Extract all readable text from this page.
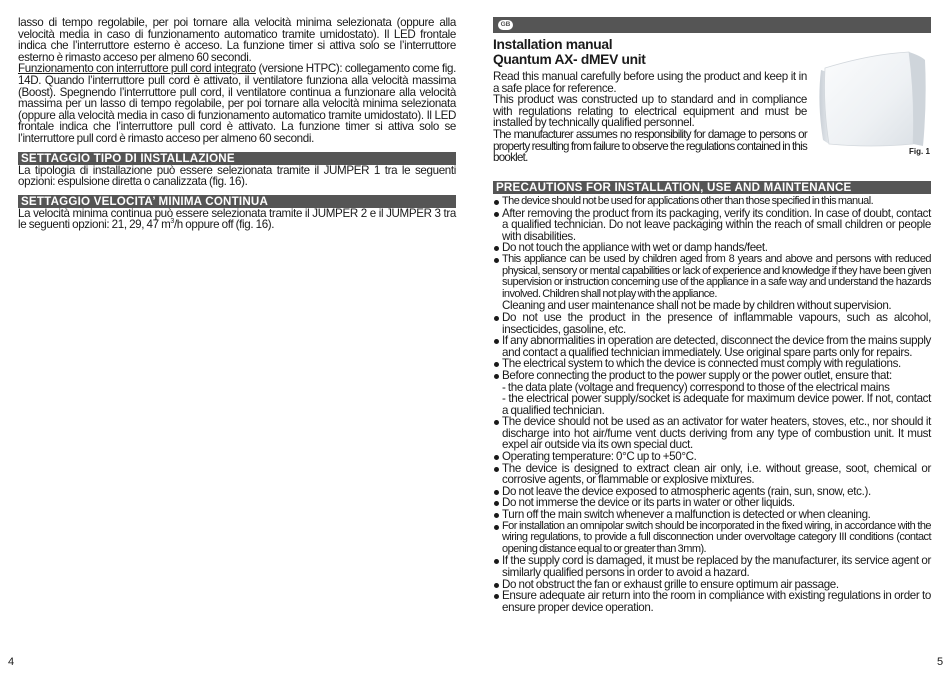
lasso di tempo regolabile, per poi tornare alla velocità minima selezionata (oppure alla velocità media in caso di funzionamento automatico tramite umidostato). Il LED frontale indica che l’interruttore esterno è acceso. La funzione timer si attiva solo se l’interruttore esterno è rimasto acceso per almeno 60 secondi.

Funzionamento con interruttore pull cord integrato (versione HTPC): collegamento come fig. 14D. Quando l’interruttore pull cord è attivato, il ventilatore funziona alla velocità massima (Boost). Spegnendo l’interruttore pull cord, il ventilatore continua a funzionare alla velocità massima per un lasso di tempo regolabile, per poi tornare alla velocità minima selezionata (oppure alla velocità media in caso di funzionamento automatico tramite umidostato). Il LED frontale indica che l’interruttore pull cord è attivato. La funzione timer si attiva solo se l’interruttore pull cord è rimasto acceso per almeno 60 secondi.

SETTAGGIO TIPO DI INSTALLAZIONE

La tipologia di installazione può essere selezionata tramite il JUMPER 1 tra le seguenti opzioni: espulsione diretta o canalizzata (fig. 16).

SETTAGGIO VELOCITA’ MINIMA CONTINUA

La velocità minima continua può essere selezionata tramite il JUMPER 2 e il JUMPER 3 tra le seguenti opzioni: 21, 29, 47 $m^3/h$ oppure off (fig. 16).

4
GB
Installation manual
Quantum AX- dMEV unit

Read this manual carefully before using the product and keep it in a safe place for reference.

This product was constructed up to standard and in compliance with regulations relating to electrical equipment and must be installed by technically qualified personnel.

The manufacturer assumes no responsibility for damage to persons or property resulting from failure to observe the regulations contained in this booklet.	Fig. 1
PRECAUTIONS FOR INSTALLATION, USE AND MAINTENANCE
The device should not be used for applications other than those specified in this manual.
After removing the product from its packaging, verify its condition. In case of doubt, contact a qualified technician. Do not leave packaging within the reach of small children or people with disabilities.
Do not touch the appliance with wet or damp hands/feet.
This appliance can be used by children aged from 8 years and above and persons with reduced physical, sensory or mental capabilities or lack of experience and knowledge if they have been given supervision or instruction concerning use of the appliance in a safe way and understand the hazards involved. Children shall not play with the appliance.
Cleaning and user maintenance shall not be made by children without supervision.
Do not use the product in the presence of inflammable vapours, such as alcohol, insecticides, gasoline, etc.
If any abnormalities in operation are detected, disconnect the device from the mains supply and contact a qualified technician immediately. Use original spare parts only for repairs.
The electrical system to which the device is connected must comply with regulations.
Before connecting the product to the power supply or the power outlet, ensure that:
- the data plate (voltage and frequency) correspond to those of the electrical mains
- the electrical power supply/socket is adequate for maximum device power. If not, contact a qualified technician.
The device should not be used as an activator for water heaters, stoves, etc., nor should it discharge into hot air/fume vent ducts deriving from any type of combustion unit. It must expel air outside via its own special duct.
Operating temperature: 0°C up to +50°C.
The device is designed to extract clean air only, i.e. without grease, soot, chemical or corrosive agents, or flammable or explosive mixtures.
Do not leave the device exposed to atmospheric agents (rain, sun, snow, etc.).
Do not immerse the device or its parts in water or other liquids.
Turn off the main switch whenever a malfunction is detected or when cleaning.
For installation an omnipolar switch should be incorporated in the fixed wiring, in accordance with the wiring regulations, to provide a full disconnection under overvoltage category III conditions (contact opening distance equal to or greater than 3mm).
If the supply cord is damaged, it must be replaced by the manufacturer, its service agent or similarly qualified persons in order to avoid a hazard.
Do not obstruct the fan or exhaust grille to ensure optimum air passage.
Ensure adequate air return into the room in compliance with existing regulations in order to ensure proper device operation.
5
